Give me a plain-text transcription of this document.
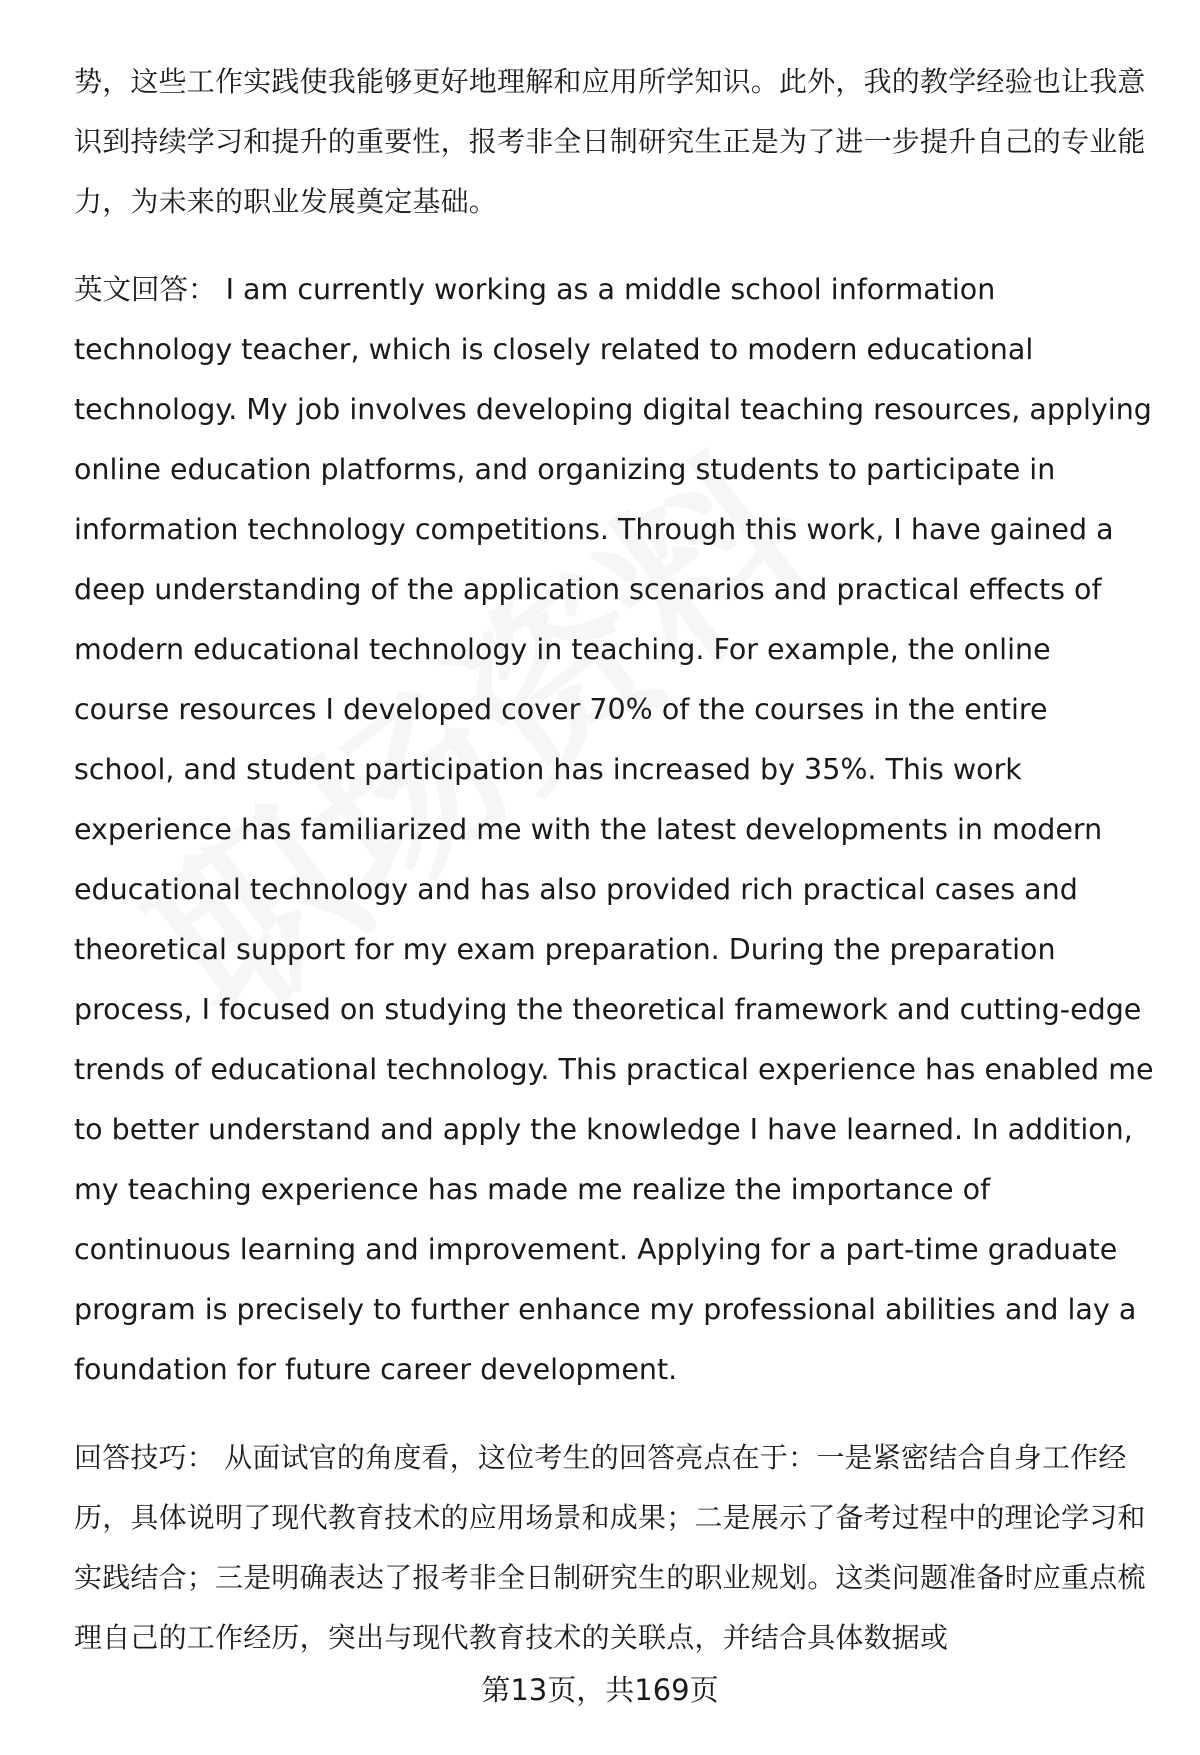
势，这些工作实践使我能够更好地理解和应用所学知识。此外，我的教学经验也让我意识到持续学习和提升的重要性，报考非全日制研究生正是为了进一步提升自己的专业能力，为未来的职业发展奠定基础。

英文回答： I am currently working as a middle school information technology teacher, which is closely related to modern educational technology. My job involves developing digital teaching resources, applying online education platforms, and organizing students to participate in information technology competitions. Through this work, I have gained a deep understanding of the application scenarios and practical effects of modern educational technology in teaching. For example, the online course resources I developed cover 70% of the courses in the entire school, and student participation has increased by 35%. This work experience has familiarized me with the latest developments in modern educational technology and has also provided rich practical cases and theoretical support for my exam preparation. During the preparation process, I focused on studying the theoretical framework and cutting-edge trends of educational technology. This practical experience has enabled me to better understand and apply the knowledge I have learned. In addition, my teaching experience has made me realize the importance of continuous learning and improvement. Applying for a part-time graduate program is precisely to further enhance my professional abilities and lay a foundation for future career development.

回答技巧： 从面试官的角度看，这位考生的回答亮点在于：一是紧密结合自身工作经历，具体说明了现代教育技术的应用场景和成果；二是展示了备考过程中的理论学习和实践结合；三是明确表达了报考非全日制研究生的职业规划。这类问题准备时应重点梳理自己的工作经历，突出与现代教育技术的关联点，并结合具体数据或

第13页，共169页
